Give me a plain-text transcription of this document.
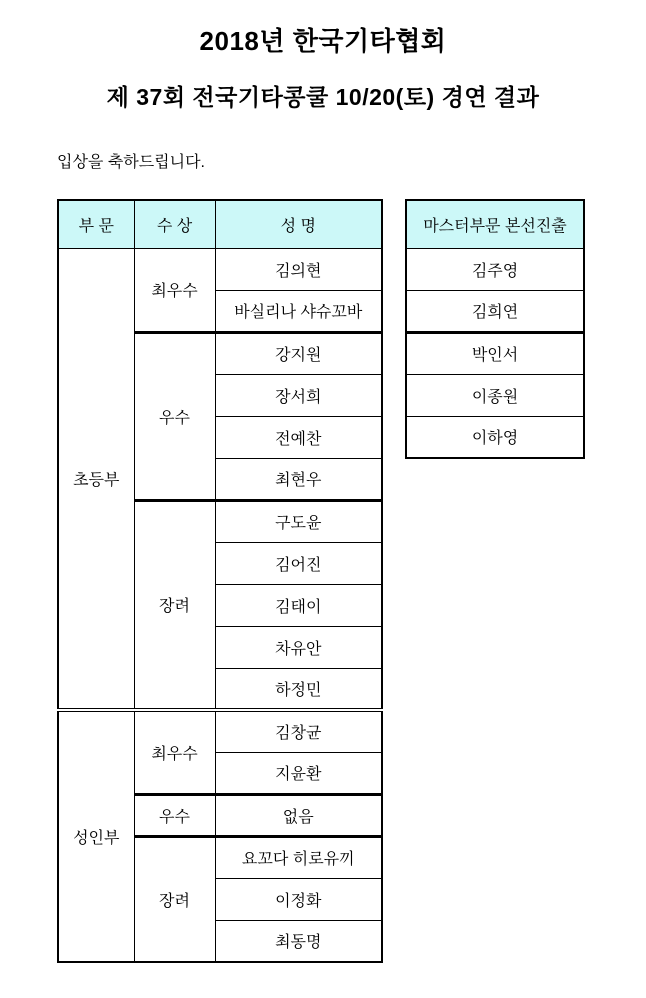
2018년 한국기타협회
제 37회 전국기타콩쿨 10/20(토) 경연 결과
입상을 축하드립니다.
부 문	수 상	성 명
초등부	최우수	김의현
		바실리나 샤슈꼬바
	우수	강지원
		장서희
		전예찬
		최현우
	장려	구도윤
		김어진
		김태이
		차유안
		하정민
성인부	최우수	김창균
		지윤환
	우수	없음
	장려	요꼬다 히로유끼
		이정화
		최동명
마스터부문 본선진출
김주영
김희연
박인서
이종원
이하영
